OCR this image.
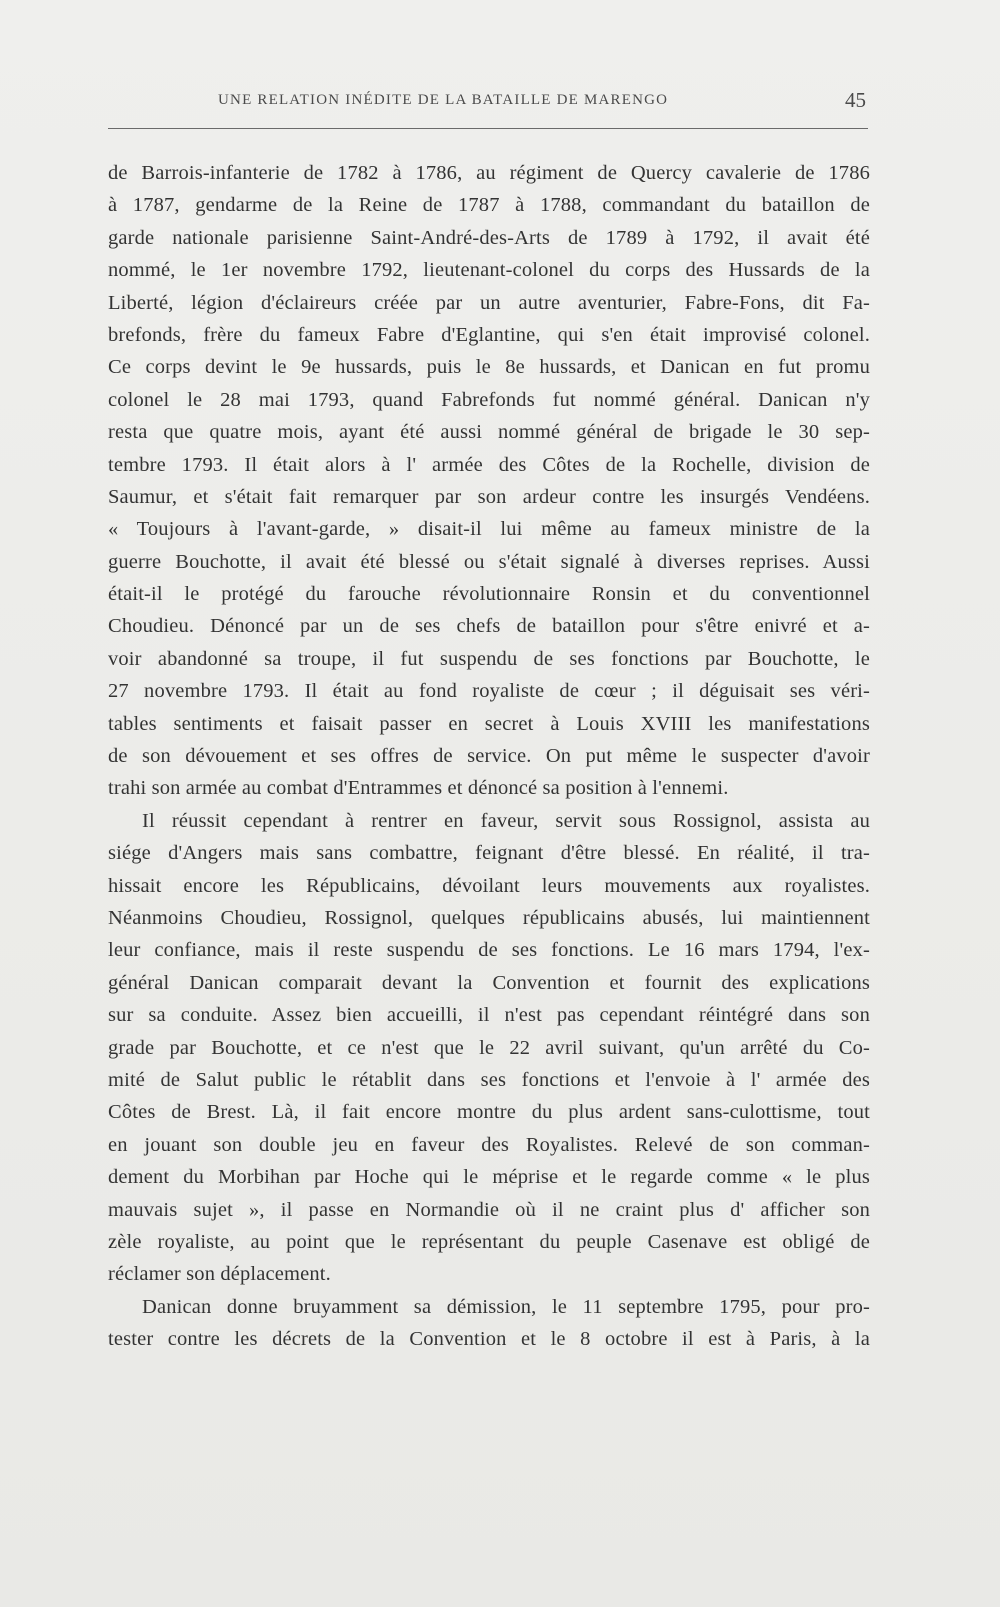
UNE RELATION INÉDITE DE LA BATAILLE DE MARENGO	45
de Barrois-infanterie de 1782 à 1786, au régiment de Quercy cavalerie de 1786
à 1787, gendarme de la Reine de 1787 à 1788, commandant du bataillon de
garde nationale parisienne Saint-André-des-Arts de 1789 à 1792, il avait été
nommé, le 1er novembre 1792, lieutenant-colonel du corps des Hussards de la
Liberté, légion d'éclaireurs créée par un autre aventurier, Fabre-Fons, dit Fa-
brefonds, frère du fameux Fabre d'Eglantine, qui s'en était improvisé colonel.
Ce corps devint le 9e hussards, puis le 8e hussards, et Danican en fut promu
colonel le 28 mai 1793, quand Fabrefonds fut nommé général. Danican n'y
resta que quatre mois, ayant été aussi nommé général de brigade le 30 sep-
tembre 1793. Il était alors à l' armée des Côtes de la Rochelle, division de
Saumur, et s'était fait remarquer par son ardeur contre les insurgés Vendéens.
« Toujours à l'avant-garde, » disait-il lui même au fameux ministre de la
guerre Bouchotte, il avait été blessé ou s'était signalé à diverses reprises. Aussi
était-il le protégé du farouche révolutionnaire Ronsin et du conventionnel
Choudieu. Dénoncé par un de ses chefs de bataillon pour s'être enivré et a-
voir abandonné sa troupe, il fut suspendu de ses fonctions par Bouchotte, le
27 novembre 1793. Il était au fond royaliste de cœur ; il déguisait ses véri-
tables sentiments et faisait passer en secret à Louis XVIII les manifestations
de son dévouement et ses offres de service. On put même le suspecter d'avoir
trahi son armée au combat d'Entrammes et dénoncé sa position à l'ennemi.
Il réussit cependant à rentrer en faveur, servit sous Rossignol, assista au
siége d'Angers mais sans combattre, feignant d'être blessé. En réalité, il tra-
hissait encore les Républicains, dévoilant leurs mouvements aux royalistes.
Néanmoins Choudieu, Rossignol, quelques républicains abusés, lui maintiennent
leur confiance, mais il reste suspendu de ses fonctions. Le 16 mars 1794, l'ex-
général Danican comparait devant la Convention et fournit des explications
sur sa conduite. Assez bien accueilli, il n'est pas cependant réintégré dans son
grade par Bouchotte, et ce n'est que le 22 avril suivant, qu'un arrêté du Co-
mité de Salut public le rétablit dans ses fonctions et l'envoie à l' armée des
Côtes de Brest. Là, il fait encore montre du plus ardent sans-culottisme, tout
en jouant son double jeu en faveur des Royalistes. Relevé de son comman-
dement du Morbihan par Hoche qui le méprise et le regarde comme « le plus
mauvais sujet », il passe en Normandie où il ne craint plus d' afficher son
zèle royaliste, au point que le représentant du peuple Casenave est obligé de
réclamer son déplacement.
Danican donne bruyamment sa démission, le 11 septembre 1795, pour pro-
tester contre les décrets de la Convention et le 8 octobre il est à Paris, à la
